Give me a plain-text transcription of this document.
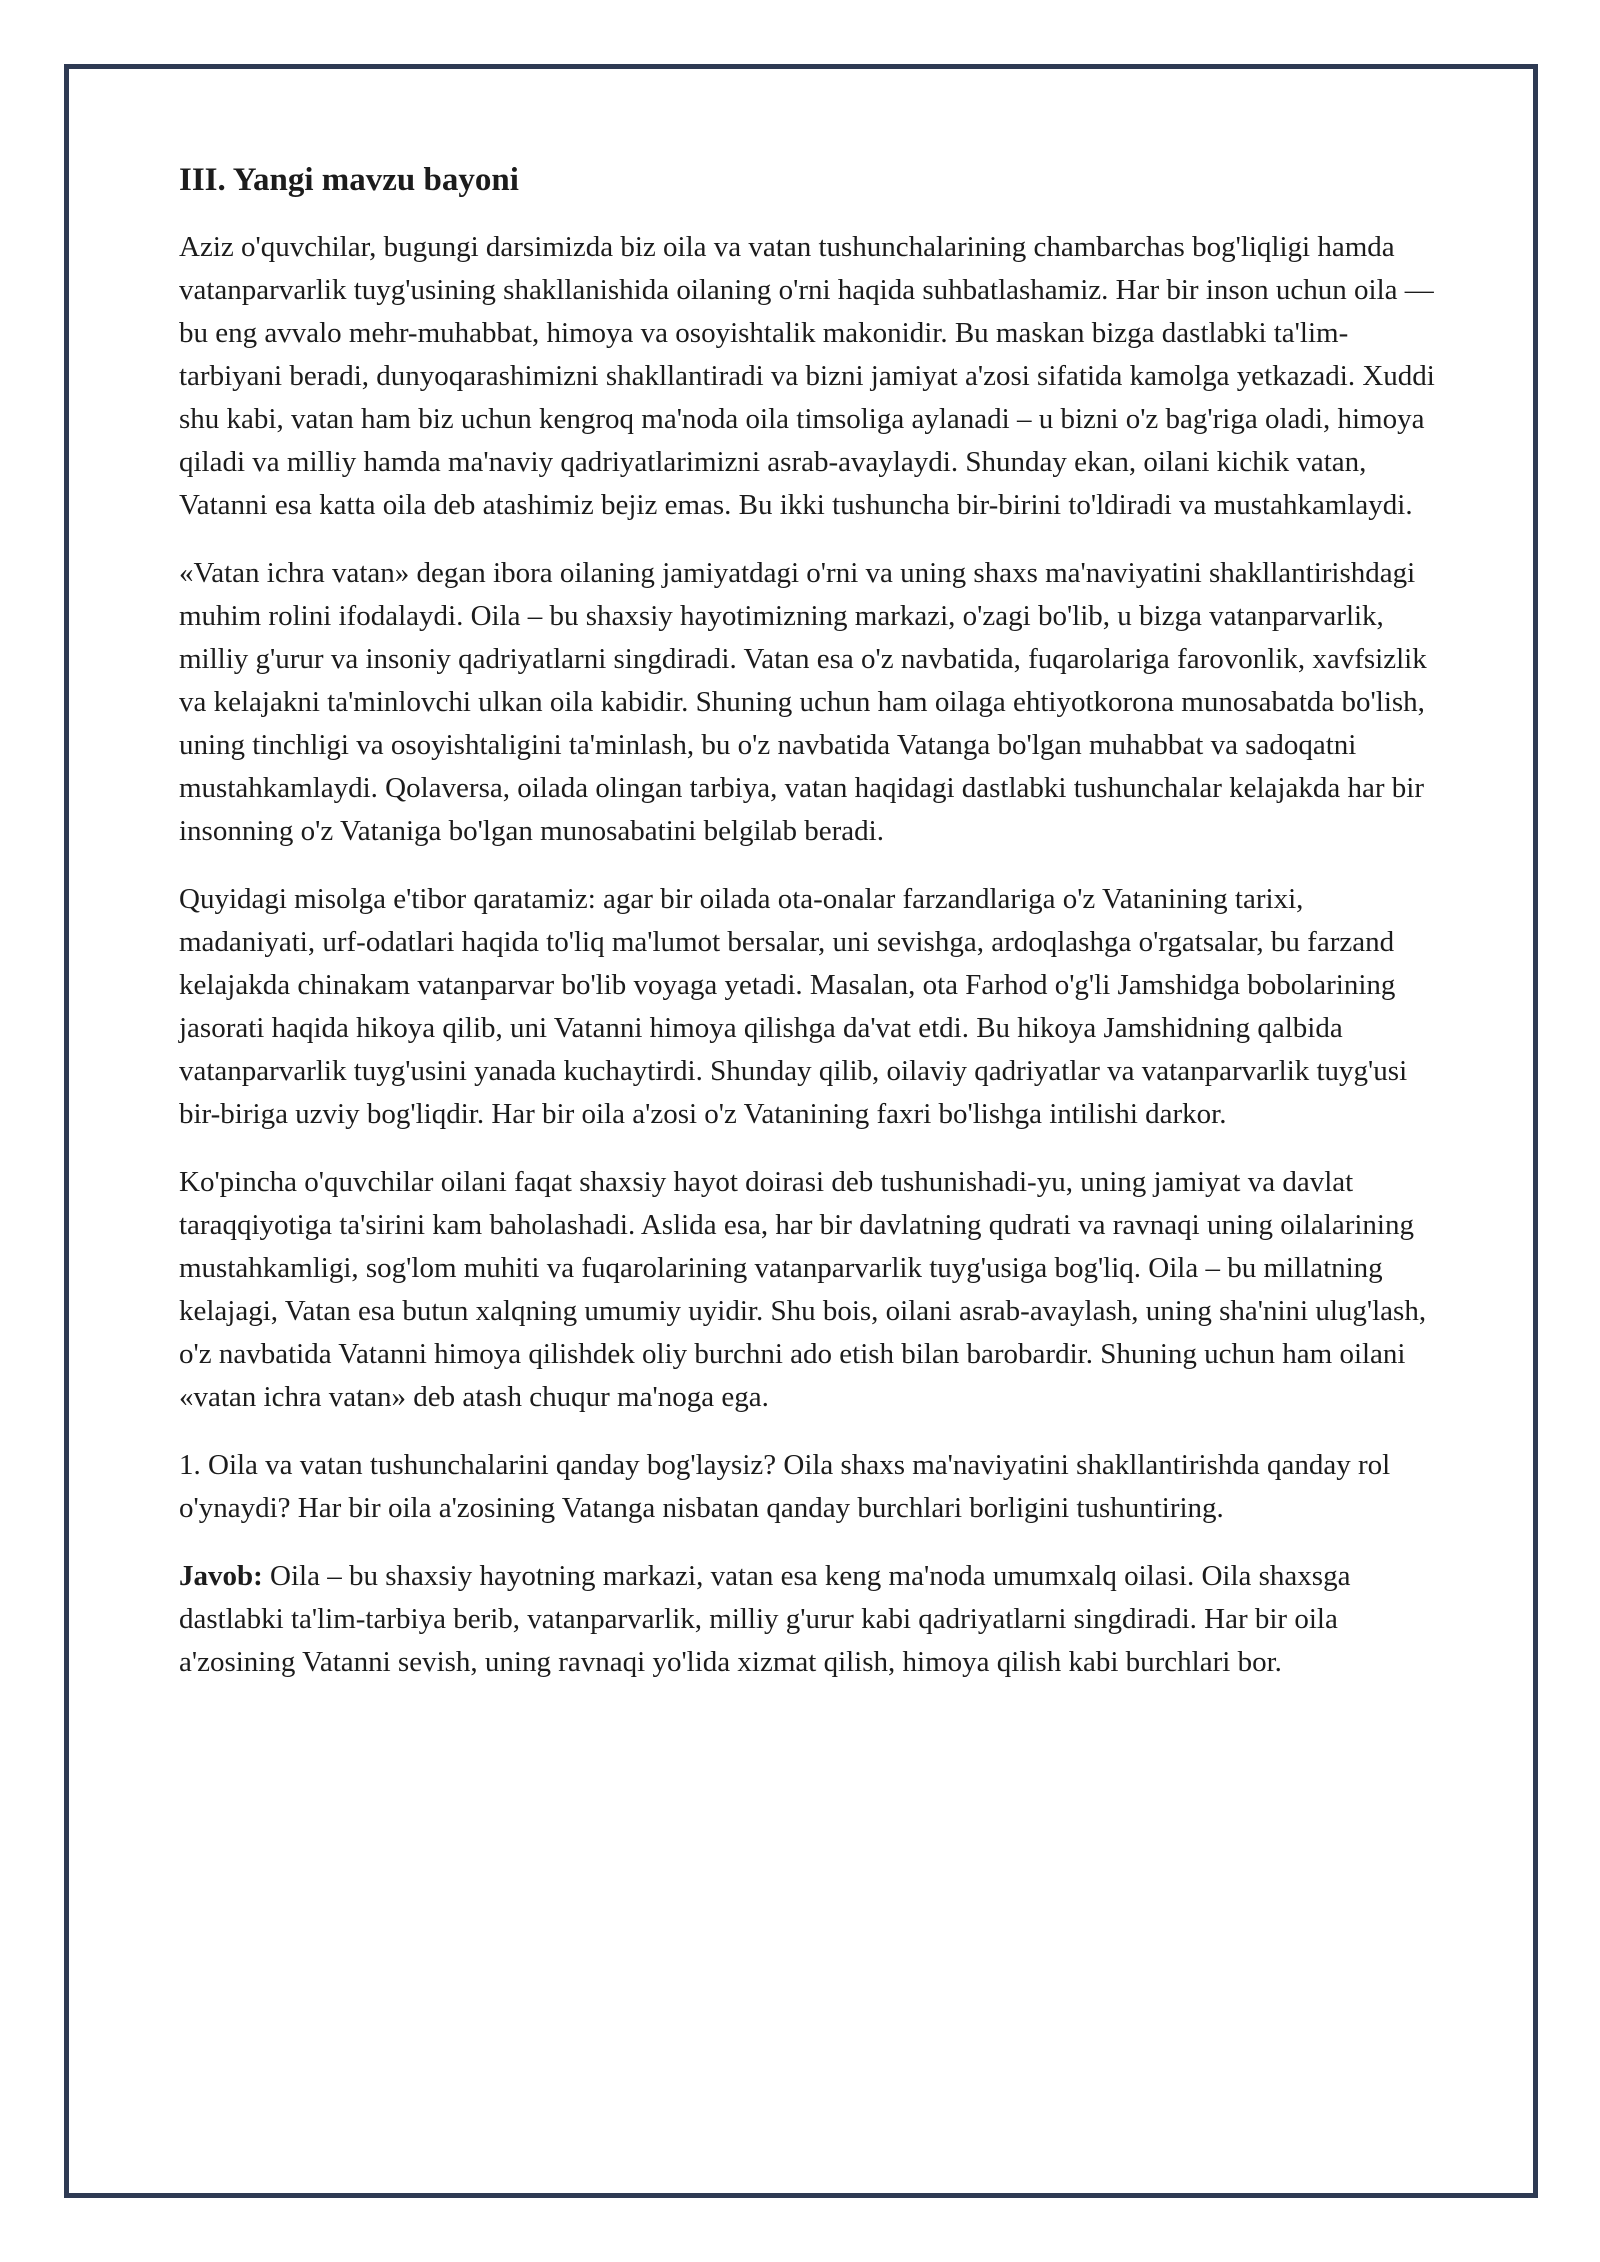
III. Yangi mavzu bayoni

Aziz o'quvchilar, bugungi darsimizda biz oila va vatan tushunchalarining chambarchas bog'liqligi hamda vatanparvarlik tuyg'usining shakllanishida oilaning o'rni haqida suhbatlashamiz. Har bir inson uchun oila — bu eng avvalo mehr-muhabbat, himoya va osoyishtalik makonidir. Bu maskan bizga dastlabki ta'lim-tarbiyani beradi, dunyoqarashimizni shakllantiradi va bizni jamiyat a'zosi sifatida kamolga yetkazadi. Xuddi shu kabi, vatan ham biz uchun kengroq ma'noda oila timsoliga aylanadi – u bizni o'z bag'riga oladi, himoya qiladi va milliy hamda ma'naviy qadriyatlarimizni asrab-avaylaydi. Shunday ekan, oilani kichik vatan, Vatanni esa katta oila deb atashimiz bejiz emas. Bu ikki tushuncha bir-birini to'ldiradi va mustahkamlaydi.

«Vatan ichra vatan» degan ibora oilaning jamiyatdagi o'rni va uning shaxs ma'naviyatini shakllantirishdagi muhim rolini ifodalaydi. Oila – bu shaxsiy hayotimizning markazi, o'zagi bo'lib, u bizga vatanparvarlik, milliy g'urur va insoniy qadriyatlarni singdiradi. Vatan esa o'z navbatida, fuqarolariga farovonlik, xavfsizlik va kelajakni ta'minlovchi ulkan oila kabidir. Shuning uchun ham oilaga ehtiyotkorona munosabatda bo'lish, uning tinchligi va osoyishtaligini ta'minlash, bu o'z navbatida Vatanga bo'lgan muhabbat va sadoqatni mustahkamlaydi. Qolaversa, oilada olingan tarbiya, vatan haqidagi dastlabki tushunchalar kelajakda har bir insonning o'z Vataniga bo'lgan munosabatini belgilab beradi.

Quyidagi misolga e'tibor qaratamiz: agar bir oilada ota-onalar farzandlariga o'z Vatanining tarixi, madaniyati, urf-odatlari haqida to'liq ma'lumot bersalar, uni sevishga, ardoqlashga o'rgatsalar, bu farzand kelajakda chinakam vatanparvar bo'lib voyaga yetadi. Masalan, ota Farhod o'g'li Jamshidga bobolarining jasorati haqida hikoya qilib, uni Vatanni himoya qilishga da'vat etdi. Bu hikoya Jamshidning qalbida vatanparvarlik tuyg'usini yanada kuchaytirdi. Shunday qilib, oilaviy qadriyatlar va vatanparvarlik tuyg'usi bir-biriga uzviy bog'liqdir. Har bir oila a'zosi o'z Vatanining faxri bo'lishga intilishi darkor.

Ko'pincha o'quvchilar oilani faqat shaxsiy hayot doirasi deb tushunishadi-yu, uning jamiyat va davlat taraqqiyotiga ta'sirini kam baholashadi. Aslida esa, har bir davlatning qudrati va ravnaqi uning oilalarining mustahkamligi, sog'lom muhiti va fuqarolarining vatanparvarlik tuyg'usiga bog'liq. Oila – bu millatning kelajagi, Vatan esa butun xalqning umumiy uyidir. Shu bois, oilani asrab-avaylash, uning sha'nini ulug'lash, o'z navbatida Vatanni himoya qilishdek oliy burchni ado etish bilan barobardir. Shuning uchun ham oilani «vatan ichra vatan» deb atash chuqur ma'noga ega.

1. Oila va vatan tushunchalarini qanday bog'laysiz? Oila shaxs ma'naviyatini shakllantirishda qanday rol o'ynaydi? Har bir oila a'zosining Vatanga nisbatan qanday burchlari borligini tushuntiring.

Javob: Oila – bu shaxsiy hayotning markazi, vatan esa keng ma'noda umumxalq oilasi. Oila shaxsga dastlabki ta'lim-tarbiya berib, vatanparvarlik, milliy g'urur kabi qadriyatlarni singdiradi. Har bir oila a'zosining Vatanni sevish, uning ravnaqi yo'lida xizmat qilish, himoya qilish kabi burchlari bor.
